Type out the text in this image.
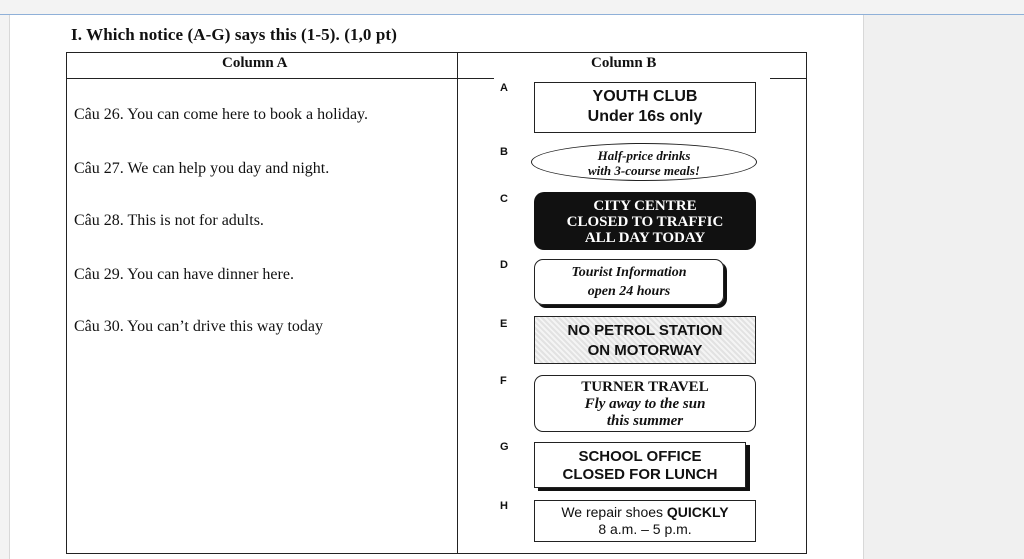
I. Which notice (A-G) says this (1-5). (1,0 pt)
Column A	Column B
Câu 26. You can come here to book a holiday.
Câu 27. We can help you day and night.
Câu 28. This is not for adults.
Câu 29. You can have dinner here.
Câu 30. You can’t drive this way today
A
B
C
D
E
F
G
H
YOUTH CLUB
Under 16s only
Half-price drinks
with 3-course meals!
CITY CENTRE
CLOSED TO TRAFFIC
ALL DAY TODAY
Tourist Information
open 24 hours
NO PETROL STATION
ON MOTORWAY
TURNER TRAVEL
Fly away to the sun
this summer
SCHOOL OFFICE
CLOSED FOR LUNCH
We repair shoes QUICKLY
8 a.m. – 5 p.m.
